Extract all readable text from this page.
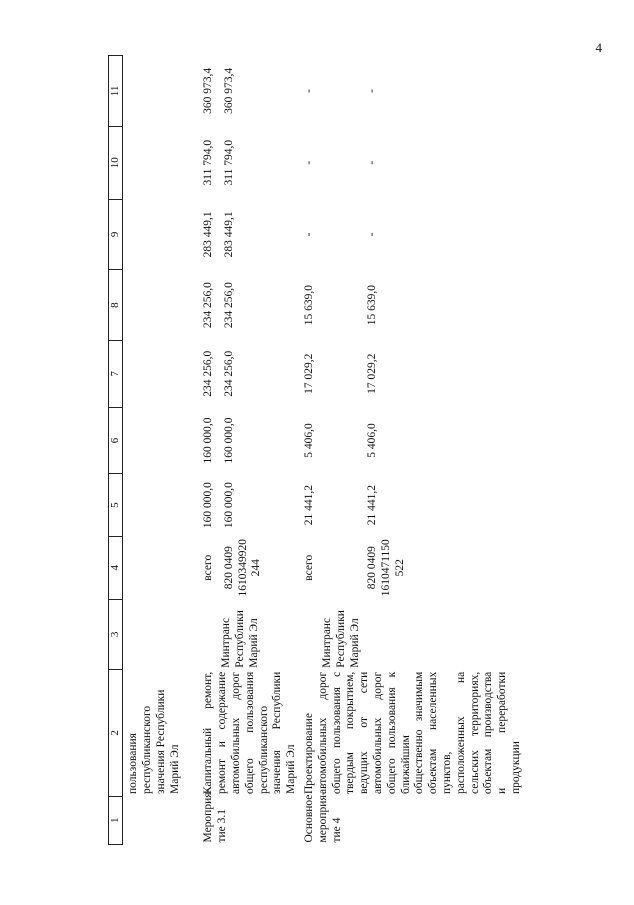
4
1	2	3	4	5	6	7	8	9	10	11
	пользования республиканского значения Республики Марий Эл									
Мероприя-тие 3.1	Капитальный ремонт, ремонт и содержание автомобильных дорог общего пользования республиканского значения Республики Марий Эл	Минтранс Республики Марий Эл	всего	160 000,0	160 000,0	234 256,0	234 256,0	283 449,1	311 794,0	360 973,4

			820 0409 1610349920 244	160 000,0	160 000,0	234 256,0	234 256,0	283 449,1	311 794,0	360 973,4
Основное мероприя-тие 4	Проектирование автомобильных дорог общего пользования с твердым покрытием, ведущих от сети автомобильных дорог общего пользования к ближайшим общественно значимым объектам населенных пунктов, расположенных на сельских территориях, объектам производства и переработки продукции	Минтранс Республики Марий Эл	всего	21 441,2	5 406,0	17 029,2	15 639,0	-	-	-

			820 0409 1610471150 522	21 441,2	5 406,0	17 029,2	15 639,0	-	-	-
